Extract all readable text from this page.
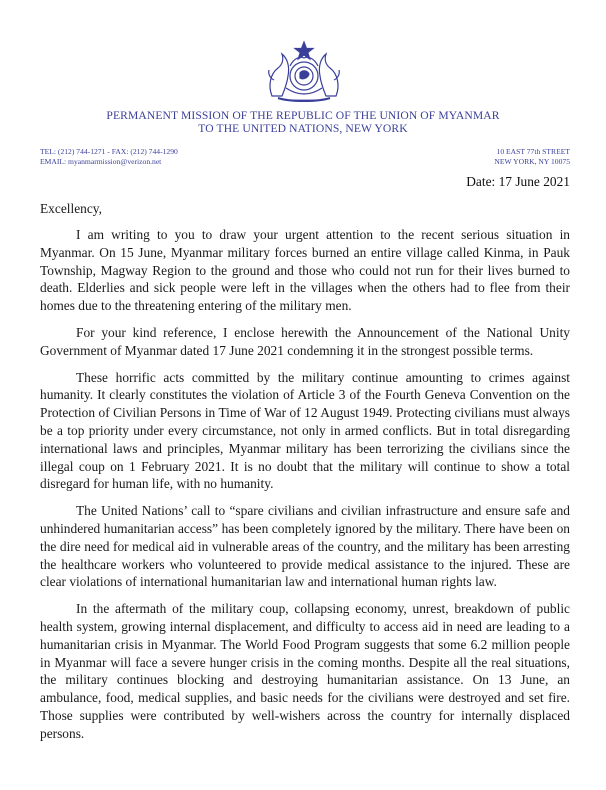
PERMANENT MISSION OF THE REPUBLIC OF THE UNION OF MYANMAR
TO THE UNITED NATIONS, NEW YORK
TEL: (212) 744-1271 - FAX: (212) 744-1290
EMAIL: myanmarmission@verizon.net
10 EAST 77th STREET
NEW YORK, NY 10075
Date: 17 June 2021
Excellency,

I am writing to you to draw your urgent attention to the recent serious situation in Myanmar. On 15 June, Myanmar military forces burned an entire village called Kinma, in Pauk Township, Magway Region to the ground and those who could not run for their lives burned to death. Elderlies and sick people were left in the villages when the others had to flee from their homes due to the threatening entering of the military men.

For your kind reference, I enclose herewith the Announcement of the National Unity Government of Myanmar dated 17 June 2021 condemning it in the strongest possible terms.

These horrific acts committed by the military continue amounting to crimes against humanity. It clearly constitutes the violation of Article 3 of the Fourth Geneva Convention on the Protection of Civilian Persons in Time of War of 12 August 1949. Protecting civilians must always be a top priority under every circumstance, not only in armed conflicts. But in total disregarding international laws and principles, Myanmar military has been terrorizing the civilians since the illegal coup on 1 February 2021. It is no doubt that the military will continue to show a total disregard for human life, with no humanity.

The United Nations’ call to “spare civilians and civilian infrastructure and ensure safe and unhindered humanitarian access” has been completely ignored by the military. There have been on the dire need for medical aid in vulnerable areas of the country, and the military has been arresting the healthcare workers who volunteered to provide medical assistance to the injured. These are clear violations of international humanitarian law and international human rights law.

In the aftermath of the military coup, collapsing economy, unrest, breakdown of public health system, growing internal displacement, and difficulty to access aid in need are leading to a humanitarian crisis in Myanmar. The World Food Program suggests that some 6.2 million people in Myanmar will face a severe hunger crisis in the coming months. Despite all the real situations, the military continues blocking and destroying humanitarian assistance. On 13 June, an ambulance, food, medical supplies, and basic needs for the civilians were destroyed and set fire. Those supplies were contributed by well-wishers across the country for internally displaced persons.
